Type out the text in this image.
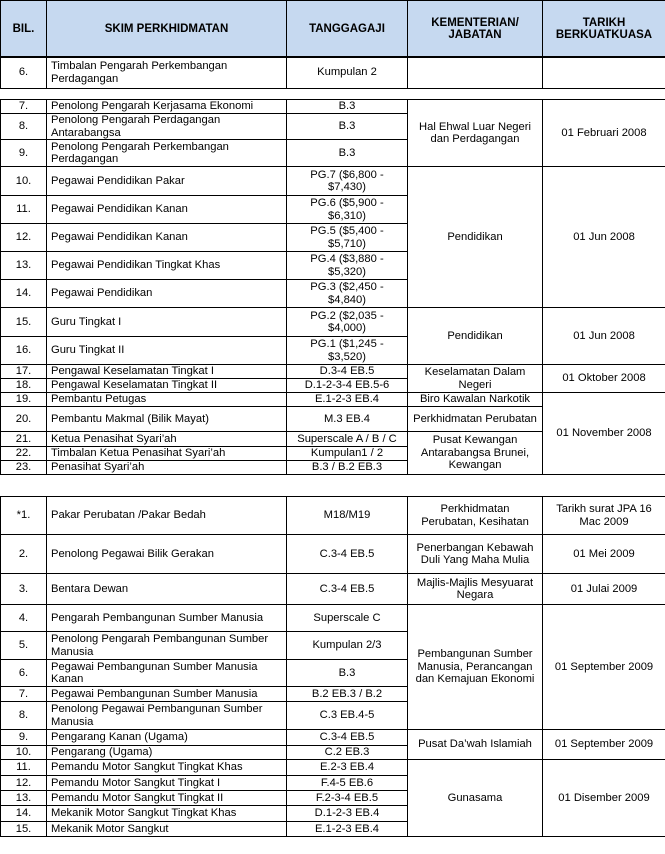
BIL.	SKIM PERKHIDMATAN	TANGGAGAJI	KEMENTERIAN/ JABATAN	TARIKH BERKUATKUASA
6.	Timbalan Pengarah Perkembangan Perdagangan	Kumpulan 2		
7.	Penolong Pengarah Kerjasama Ekonomi	B.3	Hal Ehwal Luar Negeri dan Perdagangan	01 Februari 2008
8.	Penolong Pengarah Perdagangan Antarabangsa	B.3		
9.	Penolong Pengarah Perkembangan Perdagangan	B.3		
10.	Pegawai Pendidikan Pakar	PG.7 ($6,800 - $7,430)	Pendidikan	01 Jun 2008
11.	Pegawai Pendidikan Kanan	PG.6 ($5,900 - $6,310)		
12.	Pegawai Pendidikan Kanan	PG.5 ($5,400 - $5,710)		
13.	Pegawai Pendidikan Tingkat Khas	PG.4 ($3,880 - $5,320)		
14.	Pegawai Pendidikan	PG.3 ($2,450 - $4,840)		
15.	Guru Tingkat I	PG.2 ($2,035 - $4,000)	Pendidikan	01 Jun 2008
16.	Guru Tingkat II	PG.1 ($1,245 - $3,520)		
17.	Pengawal Keselamatan Tingkat I	D.3-4 EB.5	Keselamatan Dalam Negeri	01 Oktober 2008
18.	Pengawal Keselamatan Tingkat II	D.1-2-3-4 EB.5-6		
19.	Pembantu Petugas	E.1-2-3 EB.4	Biro Kawalan Narkotik	01 November 2008
20.	Pembantu Makmal (Bilik Mayat)	M.3 EB.4	Perkhidmatan Perubatan	
21.	Ketua Penasihat Syari’ah	Superscale A / B / C	Pusat Kewangan Antarabangsa Brunei, Kewangan	
22.	Timbalan Ketua Penasihat Syari’ah	Kumpulan1 / 2		
23.	Penasihat Syari’ah	B.3 / B.2 EB.3		
*1.	Pakar Perubatan /Pakar Bedah	M18/M19	Perkhidmatan Perubatan, Kesihatan	Tarikh surat JPA 16 Mac 2009
2.	Penolong Pegawai Bilik Gerakan	C.3-4 EB.5	Penerbangan Kebawah Duli Yang Maha Mulia	01 Mei 2009
3.	Bentara Dewan	C.3-4 EB.5	Majlis-Majlis Mesyuarat Negara	01 Julai 2009
4.	Pengarah Pembangunan Sumber Manusia	Superscale C	Pembangunan Sumber Manusia, Perancangan dan Kemajuan Ekonomi	01 September 2009
5.	Penolong Pengarah Pembangunan Sumber Manusia	Kumpulan 2/3		
6.	Pegawai Pembangunan Sumber Manusia Kanan	B.3		
7.	Pegawai Pembangunan Sumber Manusia	B.2 EB.3 / B.2		
8.	Penolong Pegawai Pembangunan Sumber Manusia	C.3 EB.4-5		
9.	Pengarang Kanan (Ugama)	C.3-4 EB.5	Pusat Da’wah Islamiah	01 September 2009
10.	Pengarang (Ugama)	C.2 EB.3		
11.	Pemandu Motor Sangkut Tingkat Khas	E.2-3 EB.4	Gunasama	01 Disember 2009
12.	Pemandu Motor Sangkut Tingkat I	F.4-5 EB.6		
13.	Pemandu Motor Sangkut Tingkat II	F.2-3-4 EB.5		
14.	Mekanik Motor Sangkut Tingkat Khas	D.1-2-3 EB.4		
15.	Mekanik Motor Sangkut	E.1-2-3 EB.4		
